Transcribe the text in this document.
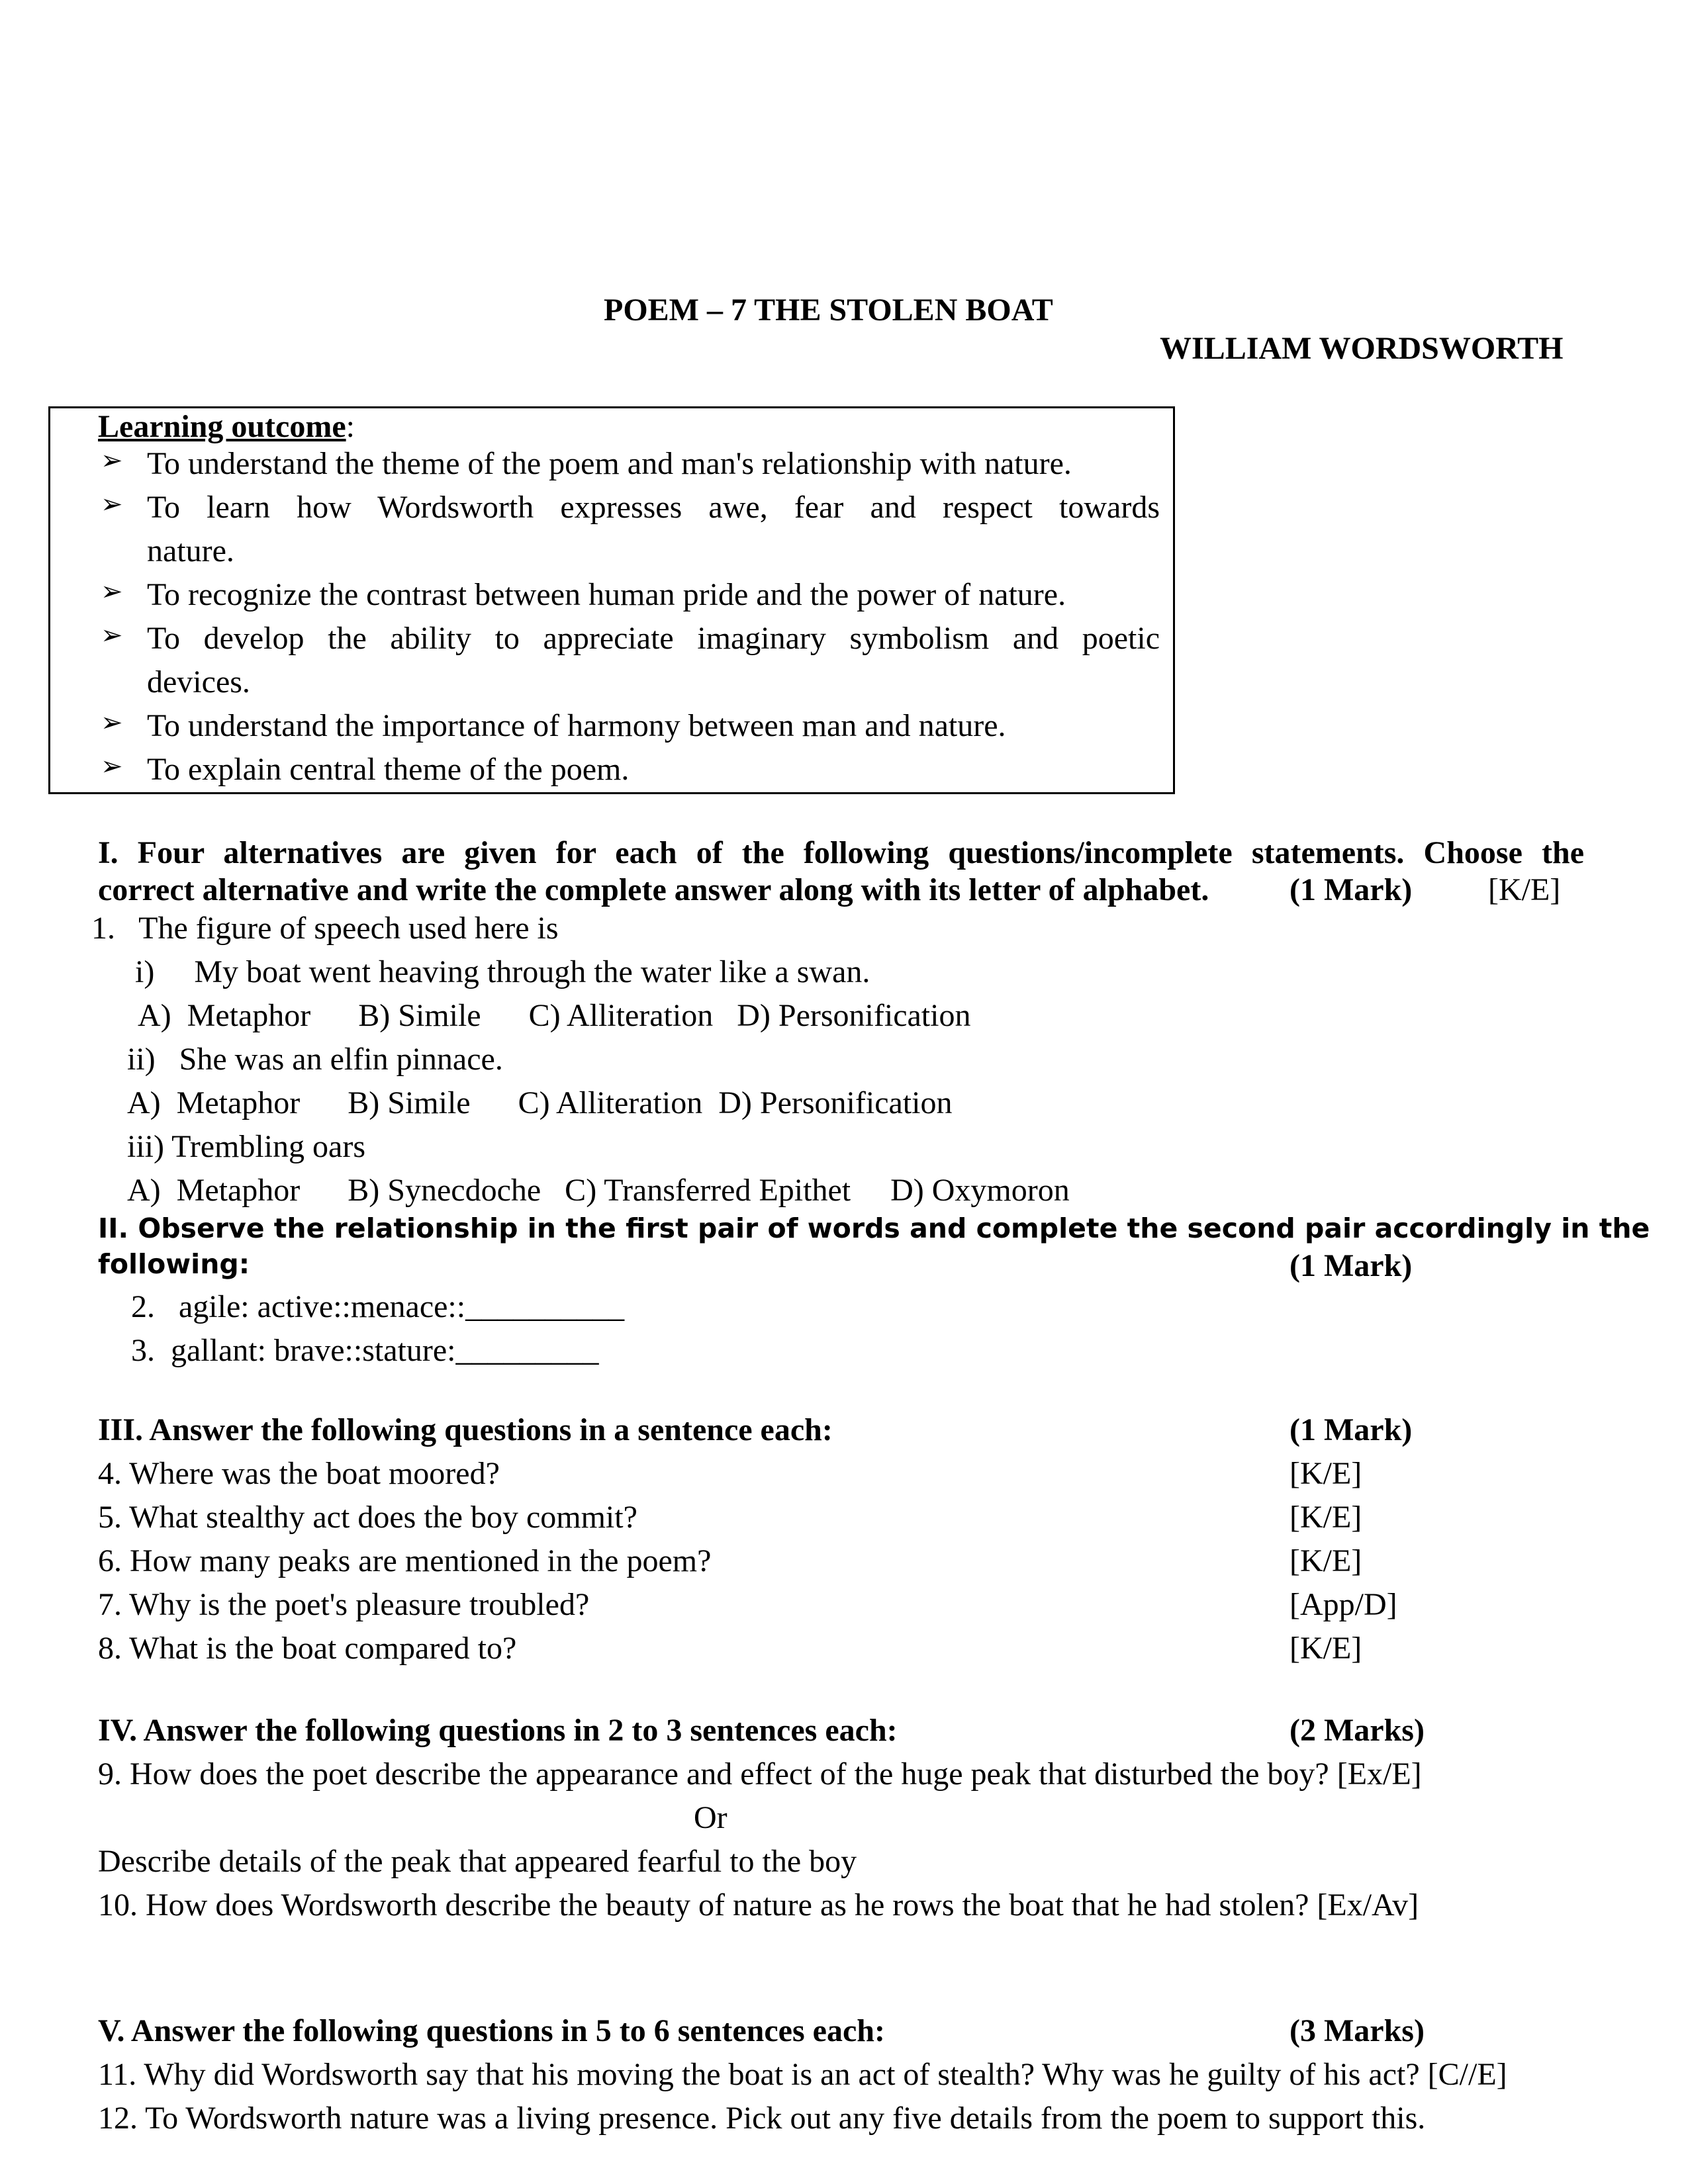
POEM – 7 THE STOLEN BOAT
WILLIAM WORDSWORTH
Learning outcome:
➢ To understand the theme of the poem and man's relationship with nature.
➢ To learn how Wordsworth expresses awe, fear and respect towards
nature.
➢ To recognize the contrast between human pride and the power of nature.
➢ To develop the ability to appreciate imaginary symbolism and poetic
devices.
➢ To understand the importance of harmony between man and nature.
➢ To explain central theme of the poem.
I. Four alternatives are given for each of the following questions/incomplete statements. Choose the
correct alternative and write the complete answer along with its letter of alphabet.	(1 Mark) [K/E]
1.   The figure of speech used here is
i)     My boat went heaving through the water like a swan.
A)  Metaphor      B) Simile      C) Alliteration   D) Personification
ii)   She was an elfin pinnace.
A)  Metaphor      B) Simile      C) Alliteration  D) Personification
iii) Trembling oars
A)  Metaphor      B) Synecdoche   C) Transferred Epithet     D) Oxymoron
II. Observe the relationship in the first pair of words and complete the second pair accordingly in the
following:	(1 Mark)
2.   agile: active::menace::__________
3.  gallant: brave::stature:_________
III. Answer the following questions in a sentence each:	(1 Mark)
4. Where was the boat moored?	[K/E]
5. What stealthy act does the boy commit?	[K/E]
6. How many peaks are mentioned in the poem?	[K/E]
7. Why is the poet's pleasure troubled?	[App/D]
8. What is the boat compared to?	[K/E]
IV. Answer the following questions in 2 to 3 sentences each:	(2 Marks)
9. How does the poet describe the appearance and effect of the huge peak that disturbed the boy? [Ex/E]
Or
Describe details of the peak that appeared fearful to the boy
10. How does Wordsworth describe the beauty of nature as he rows the boat that he had stolen? [Ex/Av]
V. Answer the following questions in 5 to 6 sentences each:	(3 Marks)
11. Why did Wordsworth say that his moving the boat is an act of stealth? Why was he guilty of his act? [C//E]
12. To Wordsworth nature was a living presence. Pick out any five details from the poem to support this.
